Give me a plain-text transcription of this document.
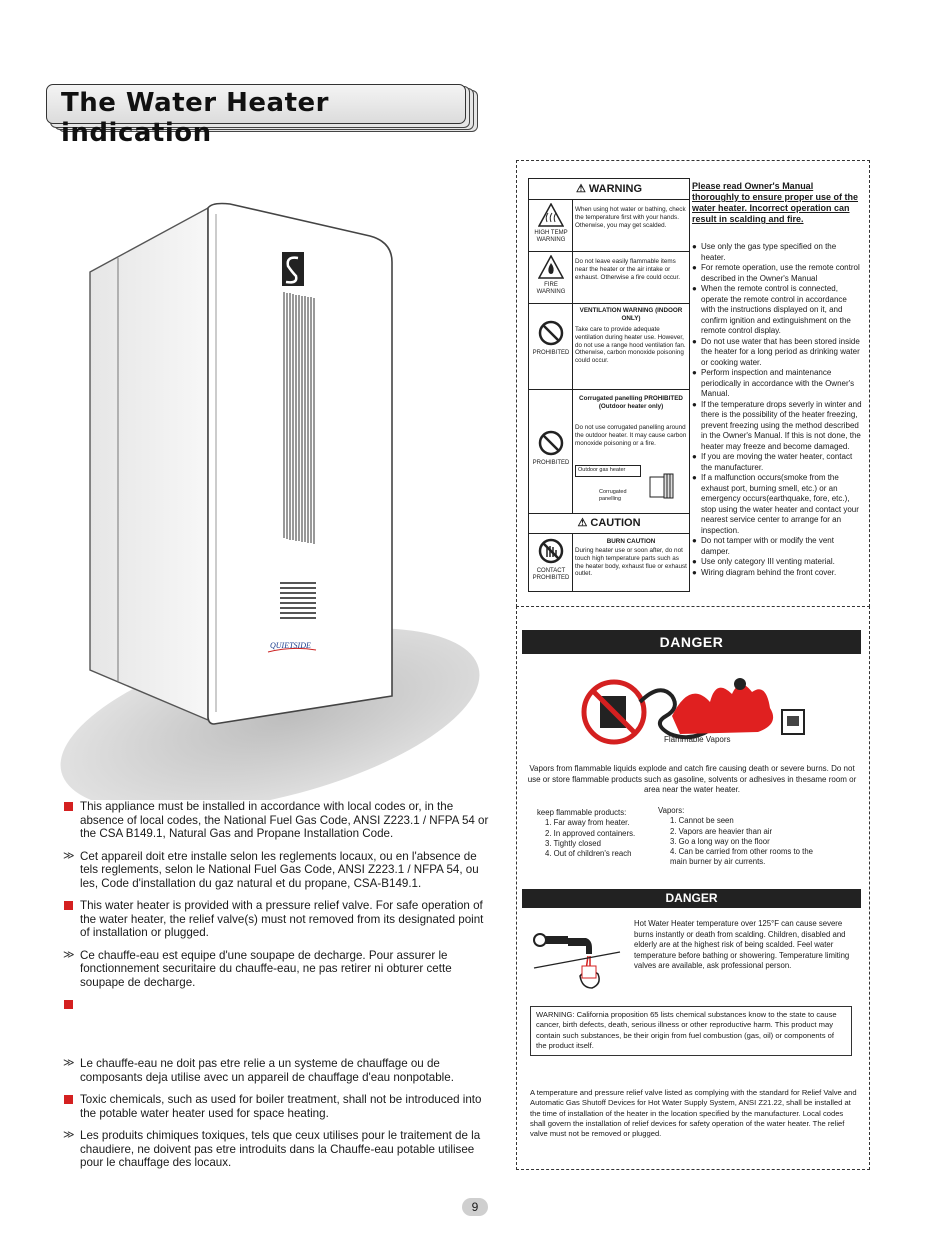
The Water Heater indication
QUIETSIDE
This appliance must be installed in accordance with local codes or, in the absence of local codes, the National Fuel Gas Code, ANSI Z223.1 / NFPA 54 or the CSA B149.1, Natural Gas and Propane Installation Code.
≫ Cet appareil doit etre installe selon les reglements locaux, ou en l'absence de tels reglements, selon le National Fuel Gas Code, ANSI Z223.1 / NFPA 54, ou les, Code d'installation du gaz natural et du propane, CSA-B149.1.
This water heater is provided with a pressure relief valve. For safe operation of the water heater, the relief valve(s) must not removed from its designated point of installation or plugged.
≫ Ce chauffe-eau est equipe d'une soupape de decharge. Pour assurer le fonctionnement securitaire du chauffe-eau, ne pas retirer ni obturer cette soupape de decharge.
≫ Le chauffe-eau ne doit pas etre relie a un systeme de chauffage ou de composants deja utilise avec un appareil de chauffage d'eau nonpotable.
Toxic chemicals, such as used for boiler treatment, shall not be introduced into the potable water heater used for space heating.
≫ Les produits chimiques toxiques, tels que ceux utilises pour le traitement de la chaudiere, ne doivent pas etre introduits dans la Chauffe-eau potable utilisee pour le chauffage des locaux.
⚠ WARNING
HIGH TEMP WARNING
When using hot water or bathing, check the temperature first with your hands. Otherwise, you may get scalded.
FIRE WARNING
Do not leave easily flammable items near the heater or the air intake or exhaust. Otherwise a fire could occur.
PROHIBITED
VENTILATION WARNING (INDOOR ONLY)
Take care to provide adequate ventilation during heater use. However, do not use a range hood ventilation fan. Otherwise, carbon monoxide poisoning could occur.
PROHIBITED
Corrugated panelling PROHIBITED (Outdoor heater only)
Do not use corrugated panelling around the outdoor heater. It may cause carbon monoxide poisoning or a fire.
Outdoor gas heater
Corrugated panelling
⚠ CAUTION
CONTACT PROHIBITED
BURN CAUTION
During heater use or soon after, do not touch high temperature parts such as the heater body, exhaust flue or exhaust outlet.
Please read Owner's Manual thoroughly to ensure proper use of the water heater. Incorrect operation can result in scalding and fire.
● Use only the gas type specified on the heater.
● For remote operation, use the remote control described in the Owner's Manual
● When the remote control is connected, operate the remote control in accordance with the instructions displayed on it, and confirm ignition and extinguishment on the remote control display.
● Do not use water that has been stored inside the heater for a long period as drinking water or cooking water.
● Perform inspection and maintenance periodically in accordance with the Owner's Manual.
● If the temperature drops severly in winter and there is the possibility of the heater freezing, prevent freezing using the method described in the Owner's Manual. If this is not done, the heater may freeze and become damaged.
● If you are moving the water heater, contact the manufacturer.
● If a malfunction occurs(smoke from the exhaust port, burning smell, etc.) or an emergency occurs(earthquake, fore, etc.), stop using the water heater and contact your nearest service center to arrange for an inspection.
● Do not tamper with or modify the vent damper.
● Use only category III venting material.
● Wiring diagram behind the front cover.
DANGER
Flammable Vapors
Vapors from flammable liquids explode and catch fire causing death or severe burns. Do not use or store flammable products such as gasoline, solvents or adhesives in thesame room or area near the water heater.
keep flammable products:
1. Far away from heater.
2. In approved containers.
3. Tightly closed
4. Out of children's reach
Vapors:
1. Cannot be seen
2. Vapors are heavier than air
3. Go a long way on the floor
4. Can be carried from other rooms to the main burner by air currents.
DANGER
Hot Water Heater temperature over 125°F can cause severe burns instantly or death from scalding. Children, disabled and elderly are at the highest risk of being scalded. Feel water temperature before bathing or showering. Temperature limiting valves are available, ask professional person.
WARNING: California proposition 65 lists chemical substances know to the state to cause cancer, birth defects, death, serious illness or other reproductive harm. This product may contain such substances, be their origin from fuel combustion (gas, oil) or components of the product itself.
A temperature and pressure relief valve listed as complying with the standard for Relief Valve and Automatic Gas Shutoff Devices for Hot Water Supply System, ANSI Z21.22, shall be installed at the time of installation of the heater in the location specified by the manufacturer. Local codes shall govern the installation of relief devices for safety operation of the water heater. The relief valve must not be removed or plugged.
9
